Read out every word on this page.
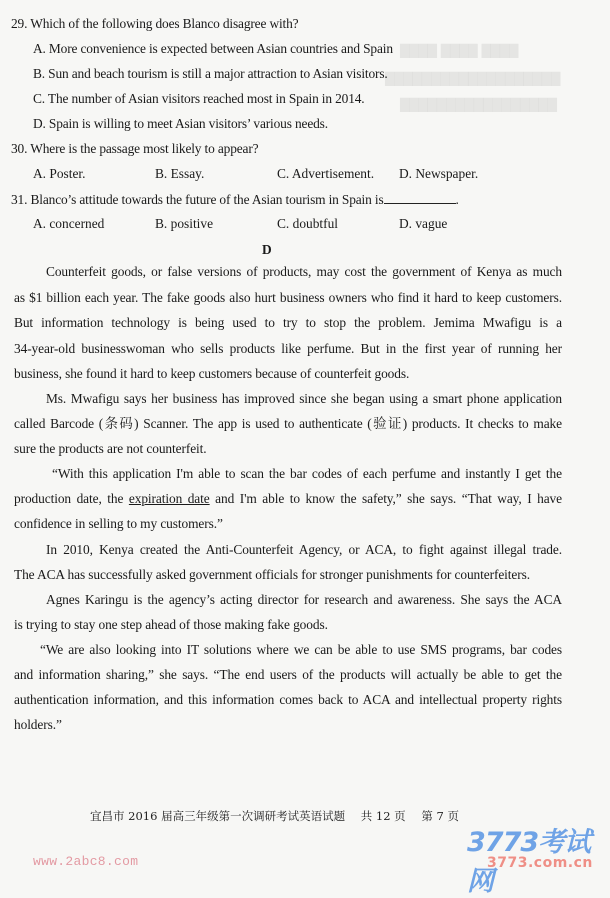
████ ████ ████
███████████████████
█████████████████
29. Which of the following does Blanco disagree with?
A. More convenience is expected between Asian countries and Spain
B. Sun and beach tourism is still a major attraction to Asian visitors.
C. The number of Asian visitors reached most in Spain in 2014.
D. Spain is willing to meet Asian visitors’ various needs.
30. Where is the passage most likely to appear?
A. Poster.	B. Essay.	C. Advertisement. D. Newspaper.
31. Blanco’s attitude towards the future of the Asian tourism in Spain is	.
A. concerned	B. positive	C. doubtful	D. vague
D
Counterfeit goods, or false versions of products, may cost the government of Kenya as much
as $1 billion each year. The fake goods also hurt business owners who find it hard to keep customers.
But information technology is being used to try to stop the problem. Jemima Mwafigu is a
34-year-old businesswoman who sells products like perfume. But in the first year of running her
business, she found it hard to keep customers because of counterfeit goods.
Ms. Mwafigu says her business has improved since she began using a smart phone application
called Barcode (条码) Scanner. The app is used to authenticate (验证) products. It checks to make
sure the products are not counterfeit.
“With this application I'm able to scan the bar codes of each perfume and instantly I get the
production date, the expiration date and I'm able to know the safety,” she says. “That way, I have
confidence in selling to my customers.”
In 2010, Kenya created the Anti-Counterfeit Agency, or ACA, to fight against illegal trade.
The ACA has successfully asked government officials for stronger punishments for counterfeiters.
Agnes Karingu is the agency’s acting director for research and awareness. She says the ACA
is trying to stay one step ahead of those making fake goods.
“We are also looking into IT solutions where we can be able to use SMS programs, bar codes
and information sharing,” she says. “The end users of the products will actually be able to get the
authentication information, and this information comes back to ACA and intellectual property rights
holders.”
宜昌市 2016 届高三年级第一次调研考试英语试题 共 12 页 第 7 页
www.2abc8.com
3773考试网
3773.com.cn
